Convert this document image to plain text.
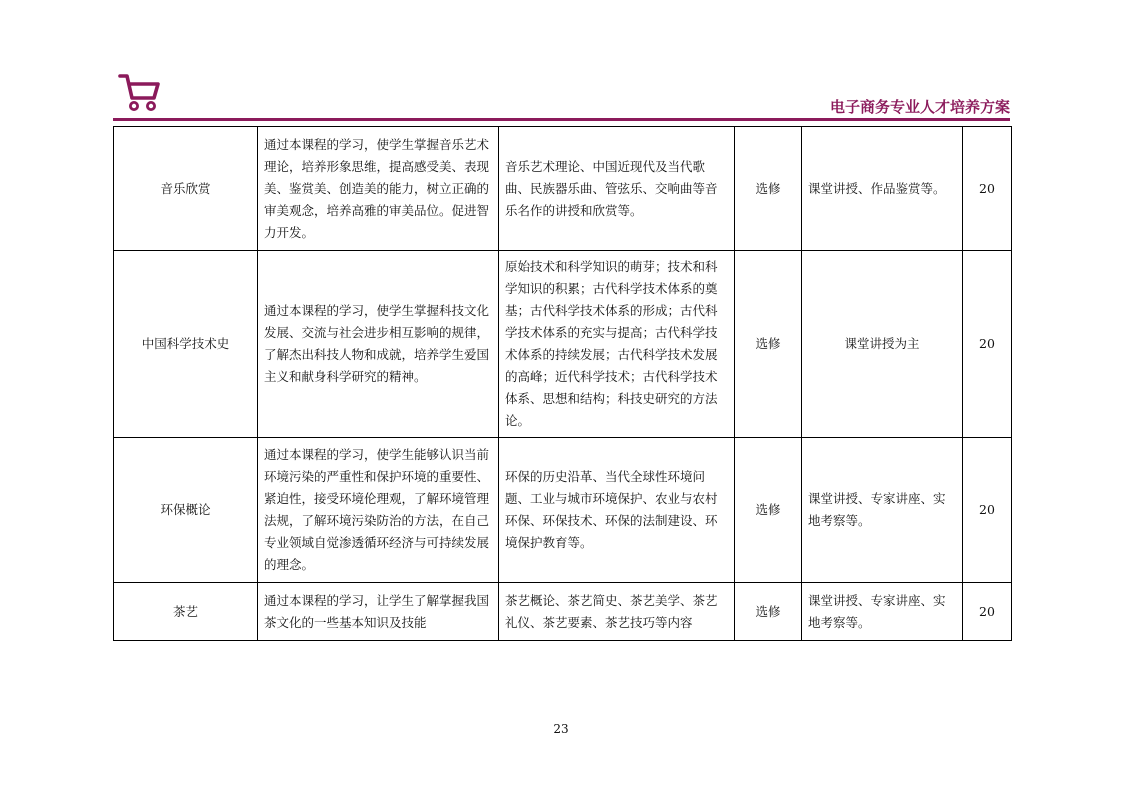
电子商务专业人才培养方案
音乐欣赏	通过本课程的学习，使学生掌握音乐艺术理论，培养形象思维，提高感受美、表现美、鉴赏美、创造美的能力，树立正确的审美观念，培养高雅的审美品位。促进智力开发。	音乐艺术理论、中国近现代及当代歌曲、民族器乐曲、管弦乐、交响曲等音乐名作的讲授和欣赏等。	选修	课堂讲授、作品鉴赏等。	20
中国科学技术史	通过本课程的学习，使学生掌握科技文化发展、交流与社会进步相互影响的规律，了解杰出科技人物和成就，培养学生爱国主义和献身科学研究的精神。	原始技术和科学知识的萌芽；技术和科学知识的积累；古代科学技术体系的奠基；古代科学技术体系的形成；古代科学技术体系的充实与提高；古代科学技术体系的持续发展；古代科学技术发展的高峰；近代科学技术；古代科学技术体系、思想和结构；科技史研究的方法论。	选修	课堂讲授为主	20
环保概论	通过本课程的学习，使学生能够认识当前环境污染的严重性和保护环境的重要性、紧迫性，接受环境伦理观，了解环境管理法规，了解环境污染防治的方法，在自己专业领域自觉渗透循环经济与可持续发展的理念。	环保的历史沿革、当代全球性环境问题、工业与城市环境保护、农业与农村环保、环保技术、环保的法制建设、环境保护教育等。	选修	课堂讲授、专家讲座、实地考察等。	20
茶艺	通过本课程的学习，让学生了解掌握我国茶文化的一些基本知识及技能	茶艺概论、茶艺简史、茶艺美学、茶艺礼仪、茶艺要素、茶艺技巧等内容	选修	课堂讲授、专家讲座、实地考察等。	20

23
